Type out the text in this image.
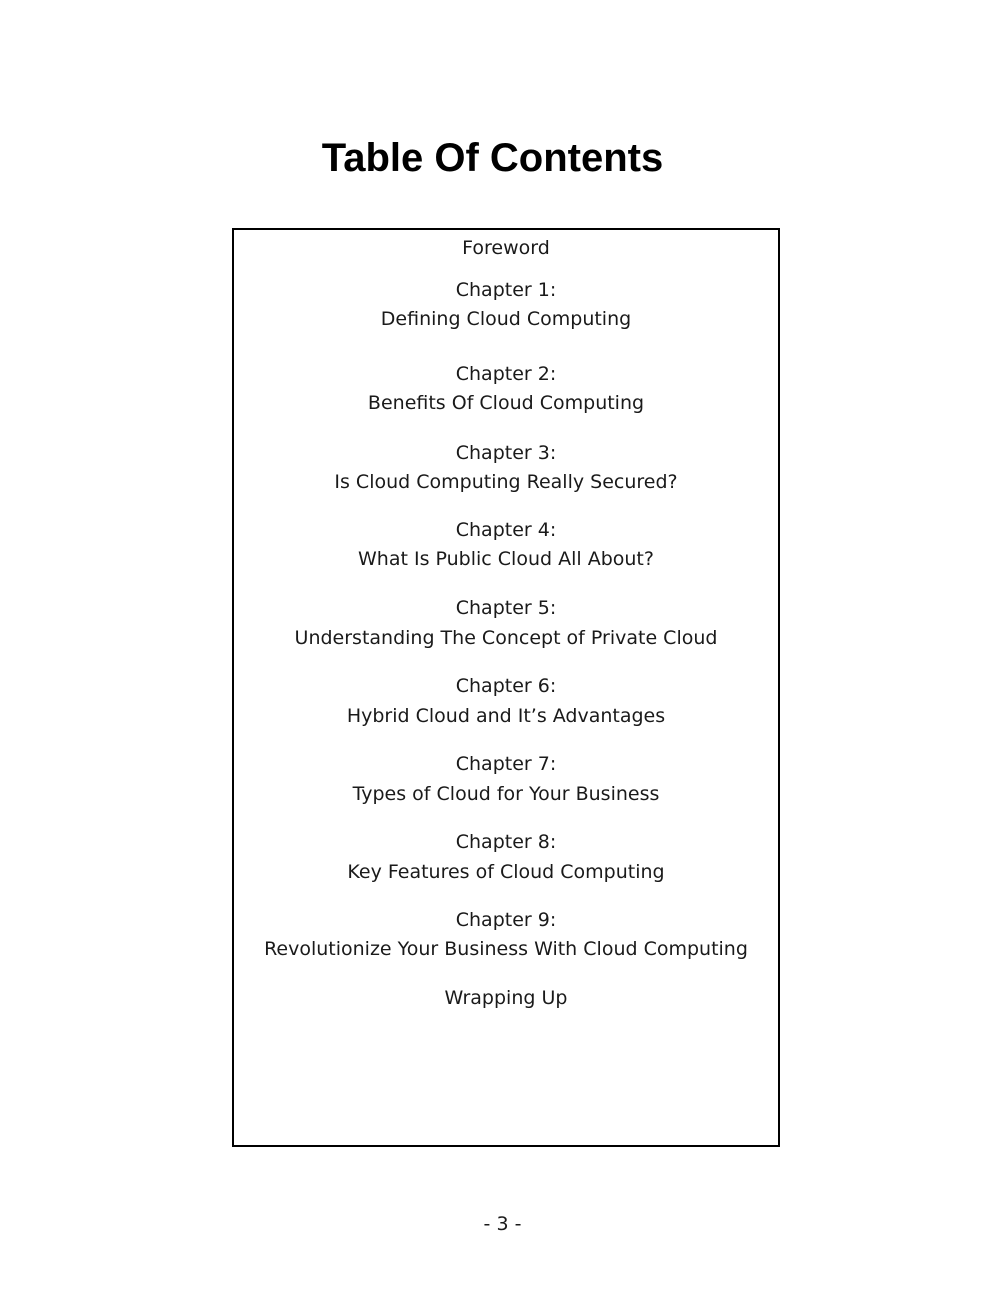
Table Of Contents
Foreword
Chapter 1:
Defining Cloud Computing
Chapter 2:
Benefits Of Cloud Computing
Chapter 3:
Is Cloud Computing Really Secured?
Chapter 4:
What Is Public Cloud All About?
Chapter 5:
Understanding The Concept of Private Cloud
Chapter 6:
Hybrid Cloud and It’s Advantages
Chapter 7:
Types of Cloud for Your Business
Chapter 8:
Key Features of Cloud Computing
Chapter 9:
Revolutionize Your Business With Cloud Computing
Wrapping Up
- 3 -
